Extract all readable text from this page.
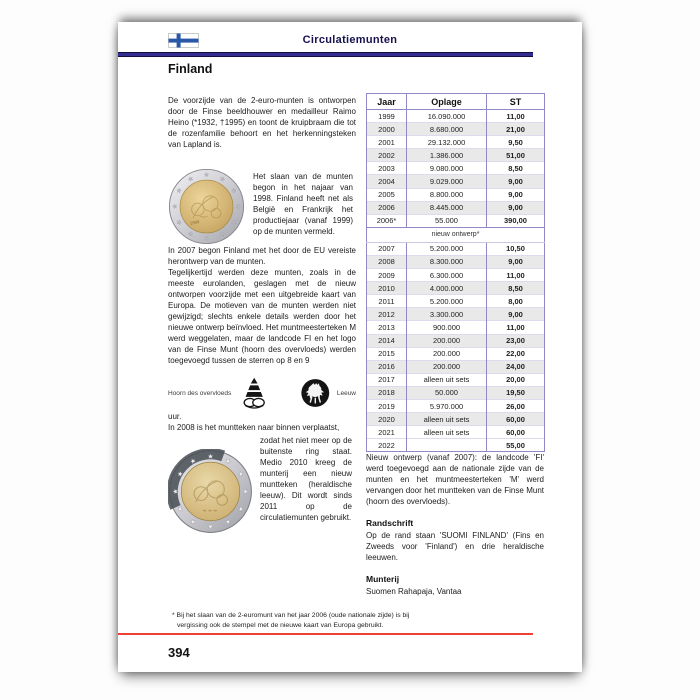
Circulatiemunten
Finland

De voorzijde van de 2-euro-munten is ontworpen door de Finse beeldhouwer en medailleur Raimo Heino (*1932, †1995) en toont de kruipbraam die tot de rozenfamilie behoort en het herkenningsteken van Lapland is.

1999

Het slaan van de munten begon in het najaar van 1998. Finland heeft net als België en Frankrijk het productiejaar (vanaf 1999) op de munten vermeld.

In 2007 begon Finland met het door de EU vereiste herontwerp van de munten.

Tegelijkertijd werden deze munten, zoals in de meeste eurolanden, geslagen met de nieuw ontworpen voorzijde met een uitgebreide kaart van Europa. De motieven van de munten werden niet gewijzigd; slechts enkele details werden door het nieuwe ontwerp beïnvloed. Het muntmeesterteken M werd weggelaten, maar de landcode FI en het logo van de Finse Munt (hoorn des overvloeds) werden toegevoegd tussen de sterren op 8 en 9

Hoorn des overvloeds	Leeuw
uur.
In 2008 is het muntteken naar binnen verplaatst,

zodat het niet meer op de buitenste ring staat. Medio 2010 kreeg de munterij een nieuw muntteken (heraldische leeuw). Dit wordt sinds 2011 op de circulatiemunten gebruikt.

Jaar	Oplage	ST
1999	16.090.000	11,00
2000	8.680.000	21,00
2001	29.132.000	9,50
2002	1.386.000	51,00
2003	9.080.000	8,50
2004	9.029.000	9,00
2005	8.800.000	9,00
2006	8.445.000	9,00
2006*	55.000	390,00
nieuw ontwerp*		
2007	5.200.000	10,50
2008	8.300.000	9,00
2009	6.300.000	11,00
2010	4.000.000	8,50
2011	5.200.000	8,00
2012	3.300.000	9,00
2013	900.000	11,00
2014	200.000	23,00
2015	200.000	22,00
2016	200.000	24,00
2017	alleen uit sets	20,00
2018	50.000	19,50
2019	5.970.000	26,00
2020	alleen uit sets	60,00
2021	alleen uit sets	60,00
2022		55,00

Nieuw ontwerp (vanaf 2007): de landcode 'FI' werd toegevoegd aan de nationale zijde van de munten en het muntmeesterteken 'M' werd vervangen door het muntteken van de Finse Munt (hoorn des overvloeds).

Randschrift

Op de rand staan 'SUOMI FINLAND' (Fins en Zweeds voor 'Finland') en drie heraldische leeuwen.

Munterij

Suomen Rahapaja, Vantaa

* Bij het slaan van de 2-euromunt van het jaar 2006 (oude nationale zijde) is bij vergissing ook de stempel met de nieuwe kaart van Europa gebruikt.
394
